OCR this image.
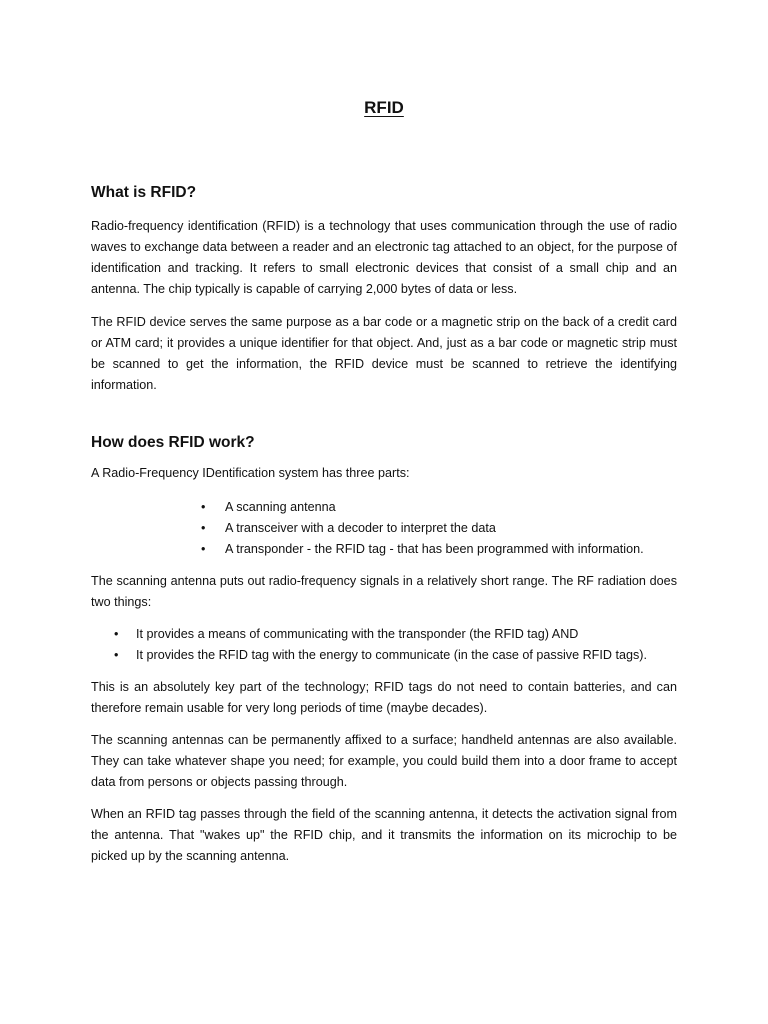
RFID
What is RFID?

Radio-frequency identification (RFID) is a technology that uses communication through the use of radio waves to exchange data between a reader and an electronic tag attached to an object, for the purpose of identification and tracking. It refers to small electronic devices that consist of a small chip and an antenna. The chip typically is capable of carrying 2,000 bytes of data or less.

The RFID device serves the same purpose as a bar code or a magnetic strip on the back of a credit card or ATM card; it provides a unique identifier for that object. And, just as a bar code or magnetic strip must be scanned to get the information, the RFID device must be scanned to retrieve the identifying information.

How does RFID work?

A Radio-Frequency IDentification system has three parts:

• A scanning antenna
• A transceiver with a decoder to interpret the data
• A transponder - the RFID tag - that has been programmed with information.

The scanning antenna puts out radio-frequency signals in a relatively short range. The RF radiation does two things:

• It provides a means of communicating with the transponder (the RFID tag) AND
• It provides the RFID tag with the energy to communicate (in the case of passive RFID tags).

This is an absolutely key part of the technology; RFID tags do not need to contain batteries, and can therefore remain usable for very long periods of time (maybe decades).

The scanning antennas can be permanently affixed to a surface; handheld antennas are also available. They can take whatever shape you need; for example, you could build them into a door frame to accept data from persons or objects passing through.

When an RFID tag passes through the field of the scanning antenna, it detects the activation signal from the antenna. That "wakes up" the RFID chip, and it transmits the information on its microchip to be picked up by the scanning antenna.
